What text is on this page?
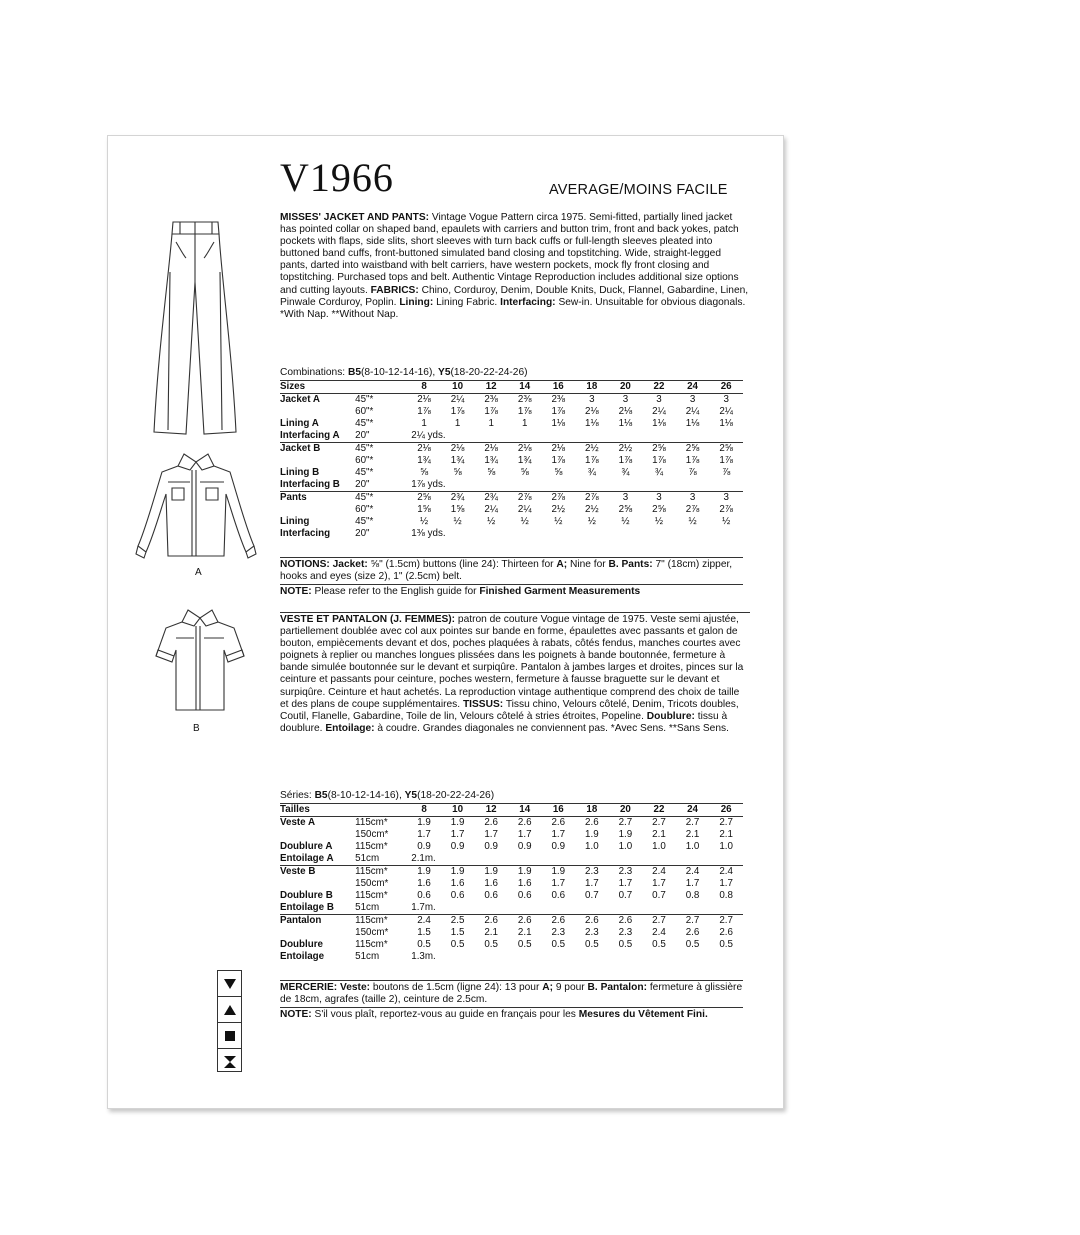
V1966	AVERAGE/MOINS FACILE
MISSES' JACKET AND PANTS: Vintage Vogue Pattern circa 1975. Semi-fitted, partially lined jacket has pointed collar on shaped band, epaulets with carriers and button trim, front and back yokes, patch pockets with flaps, side slits, short sleeves with turn back cuffs or full-length sleeves pleated into buttoned band cuffs, front-buttoned simulated band closing and topstitching. Wide, straight-legged pants, darted into waistband with belt carriers, have western pockets, mock fly front closing and topstitching. Purchased tops and belt. Authentic Vintage Reproduction includes additional size options and cutting layouts. FABRICS: Chino, Corduroy, Denim, Double Knits, Duck, Flannel, Gabardine, Linen, Pinwale Corduroy, Poplin. Lining: Lining Fabric. Interfacing: Sew-in. Unsuitable for obvious diagonals. *With Nap. **Without Nap.
Combinations: B5(8-10-12-14-16), Y5(18-20-22-24-26)
Sizes		8	10	12	14	16	18	20	22	24	26
Jacket A	45"*	2⅛	2¼	2⅜	2⅜	2⅜	3	3	3	3	3
	60"*	1⅞	1⅞	1⅞	1⅞	1⅞	2⅛	2⅛	2¼	2¼	2¼
Lining A	45"*	1	1	1	1	1⅛	1⅛	1⅛	1⅛	1⅛	1⅛
Interfacing A	20"	2¼ yds.									
Jacket B	45"*	2⅛	2⅛	2⅛	2⅛	2⅛	2½	2½	2⅝	2⅝	2⅝
	60"*	1¾	1¾	1¾	1¾	1⅞	1⅞	1⅞	1⅞	1⅞	1⅞
Lining B	45"*	⅝	⅝	⅝	⅝	⅝	¾	¾	¾	⅞	⅞
Interfacing B	20"	1⅞ yds.									
Pants	45"*	2⅝	2¾	2¾	2⅞	2⅞	2⅞	3	3	3	3
	60"*	1⅝	1⅝	2¼	2¼	2½	2½	2⅝	2⅝	2⅞	2⅞
Lining	45"*	½	½	½	½	½	½	½	½	½	½
Interfacing	20"	1⅜ yds.									
NOTIONS: Jacket: ⅝" (1.5cm) buttons (line 24): Thirteen for A; Nine for B. Pants: 7" (18cm) zipper, hooks and eyes (size 2), 1" (2.5cm) belt.
NOTE: Please refer to the English guide for Finished Garment Measurements
VESTE ET PANTALON (J. FEMMES): patron de couture Vogue vintage de 1975. Veste semi ajustée, partiellement doublée avec col aux pointes sur bande en forme, épaulettes avec passants et galon de bouton, empiècements devant et dos, poches plaquées à rabats, côtés fendus, manches courtes avec poignets à replier ou manches longues plissées dans les poignets à bande boutonnée, fermeture à bande simulée boutonnée sur le devant et surpiqûre. Pantalon à jambes larges et droites, pinces sur la ceinture et passants pour ceinture, poches western, fermeture à fausse braguette sur le devant et surpiqûre. Ceinture et haut achetés. La reproduction vintage authentique comprend des choix de taille et des plans de coupe supplémentaires. TISSUS: Tissu chino, Velours côtelé, Denim, Tricots doubles, Coutil, Flanelle, Gabardine, Toile de lin, Velours côtelé à stries étroites, Popeline. Doublure: tissu à doublure. Entoilage: à coudre. Grandes diagonales ne conviennent pas. *Avec Sens. **Sans Sens.
Séries: B5(8-10-12-14-16), Y5(18-20-22-24-26)
Tailles		8	10	12	14	16	18	20	22	24	26
Veste A	115cm*	1.9	1.9	2.6	2.6	2.6	2.6	2.7	2.7	2.7	2.7
	150cm*	1.7	1.7	1.7	1.7	1.7	1.9	1.9	2.1	2.1	2.1
Doublure A	115cm*	0.9	0.9	0.9	0.9	0.9	1.0	1.0	1.0	1.0	1.0
Entoilage A	51cm	2.1m.									
Veste B	115cm*	1.9	1.9	1.9	1.9	1.9	2.3	2.3	2.4	2.4	2.4
	150cm*	1.6	1.6	1.6	1.6	1.7	1.7	1.7	1.7	1.7	1.7
Doublure B	115cm*	0.6	0.6	0.6	0.6	0.6	0.7	0.7	0.7	0.8	0.8
Entoilage B	51cm	1.7m.									
Pantalon	115cm*	2.4	2.5	2.6	2.6	2.6	2.6	2.6	2.7	2.7	2.7
	150cm*	1.5	1.5	2.1	2.1	2.3	2.3	2.3	2.4	2.6	2.6
Doublure	115cm*	0.5	0.5	0.5	0.5	0.5	0.5	0.5	0.5	0.5	0.5
Entoilage	51cm	1.3m.									
MERCERIE: Veste: boutons de 1.5cm (ligne 24): 13 pour A; 9 pour B. Pantalon: fermeture à glissière de 18cm, agrafes (taille 2), ceinture de 2.5cm.
NOTE: S'il vous plaît, reportez-vous au guide en français pour les Mesures du Vêtement Fini.
A
B
